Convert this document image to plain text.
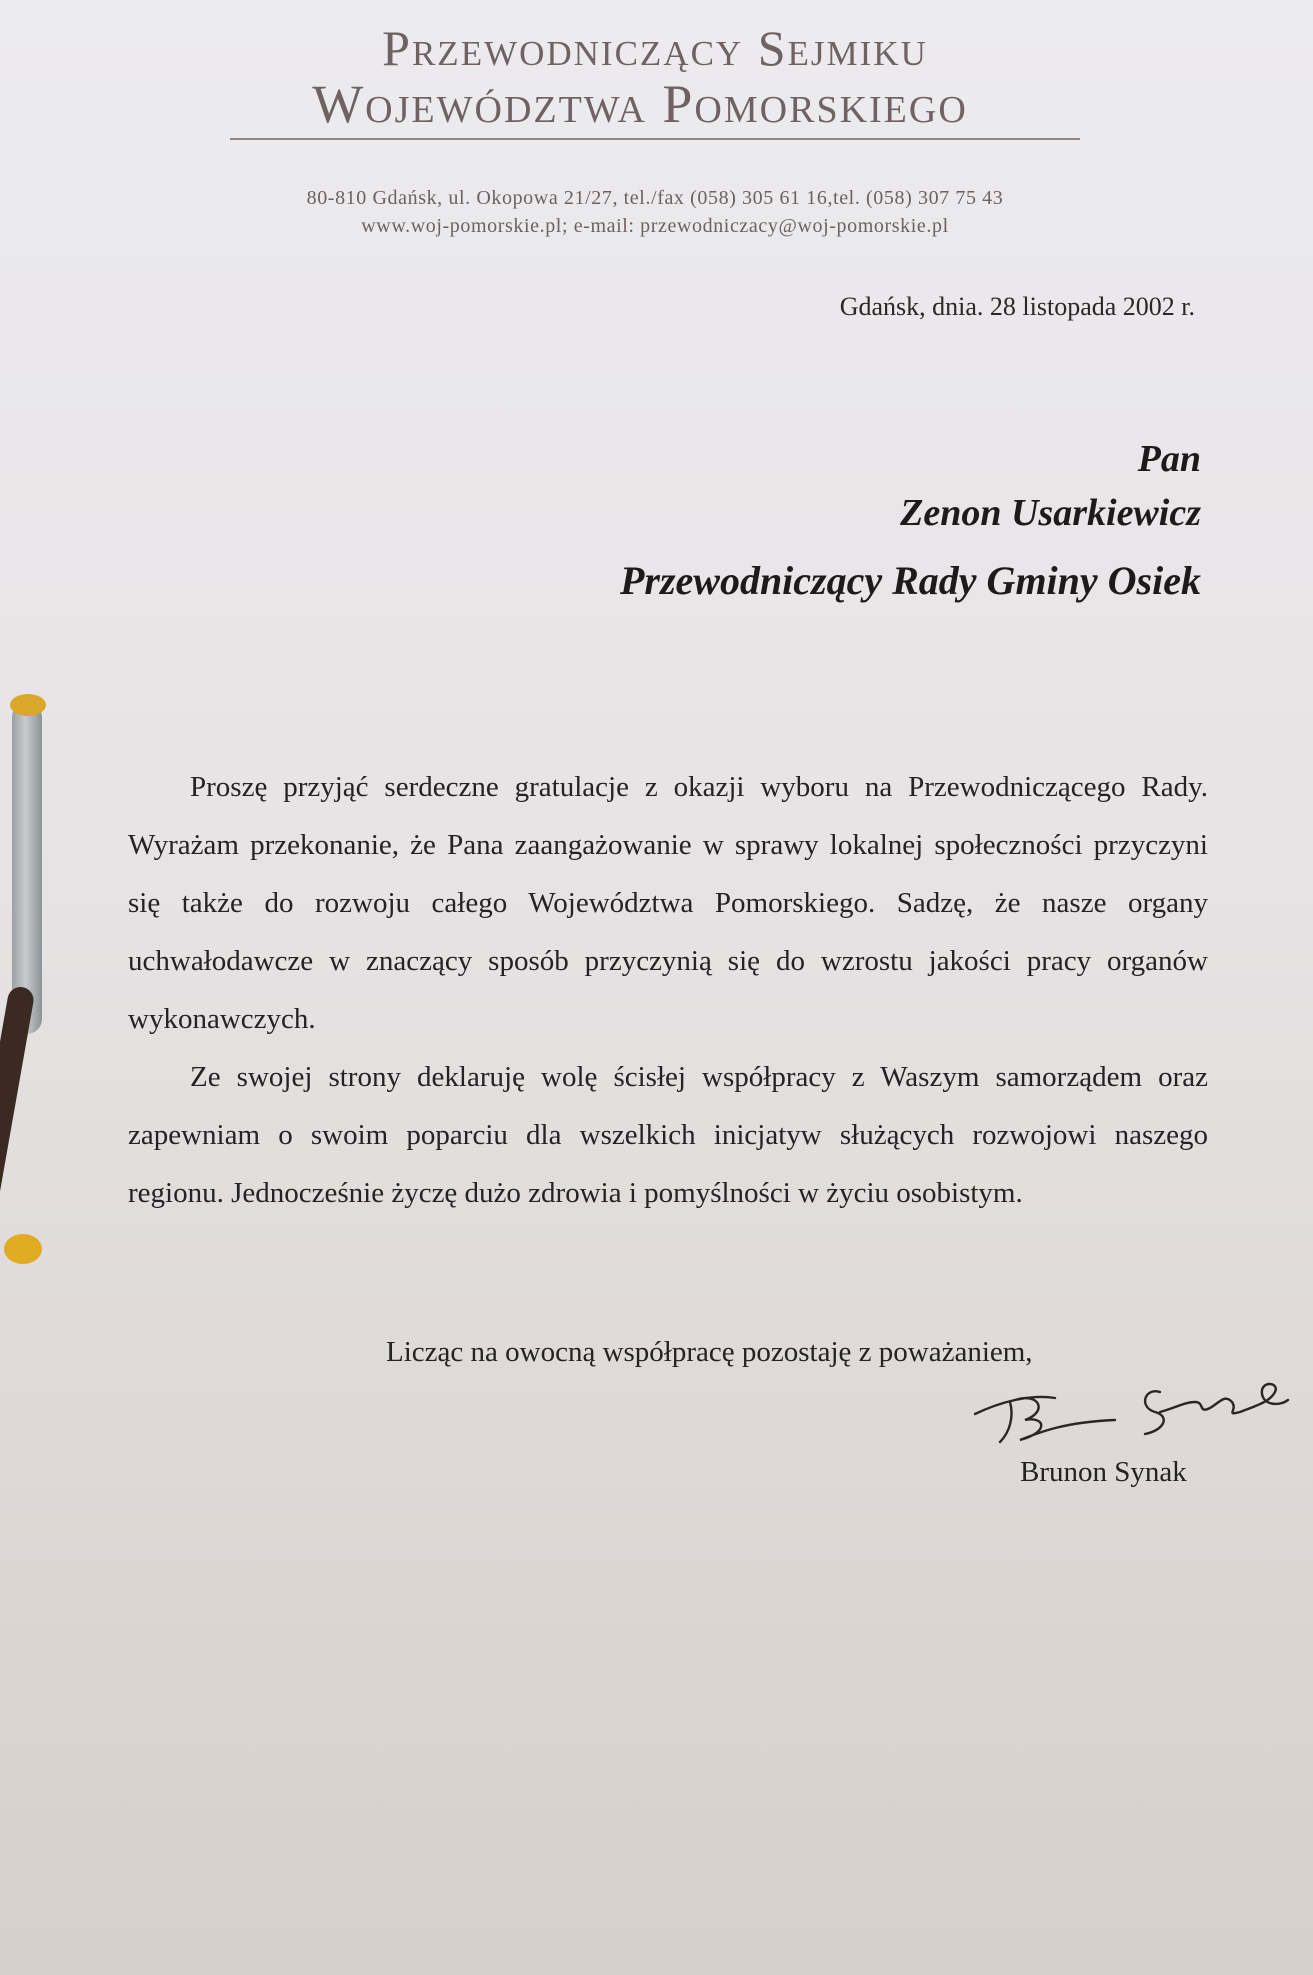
Przewodniczący Sejmiku
Województwa Pomorskiego
80-810 Gdańsk, ul. Okopowa 21/27, tel./fax (058) 305 61 16,tel. (058) 307 75 43
www.woj-pomorskie.pl; e-mail: przewodniczacy@woj-pomorskie.pl
Gdańsk, dnia. 28 listopada 2002 r.
Pan
Zenon Usarkiewicz
Przewodniczący Rady Gminy Osiek

Proszę przyjąć serdeczne gratulacje z okazji wyboru na Przewodniczącego Rady. Wyrażam przekonanie, że Pana zaangażowanie w sprawy lokalnej społeczności przyczyni się także do rozwoju całego Województwa Pomorskiego. Sadzę, że nasze organy uchwałodawcze w znaczący sposób przyczynią się do wzrostu jakości pracy organów wykonawczych.

Ze swojej strony deklaruję wolę ścisłej współpracy z Waszym samorządem oraz zapewniam o swoim poparciu dla wszelkich inicjatyw służących rozwojowi naszego regionu. Jednocześnie życzę dużo zdrowia i pomyślności w życiu osobistym.

Licząc na owocną współpracę pozostaję z poważaniem,
Brunon Synak
